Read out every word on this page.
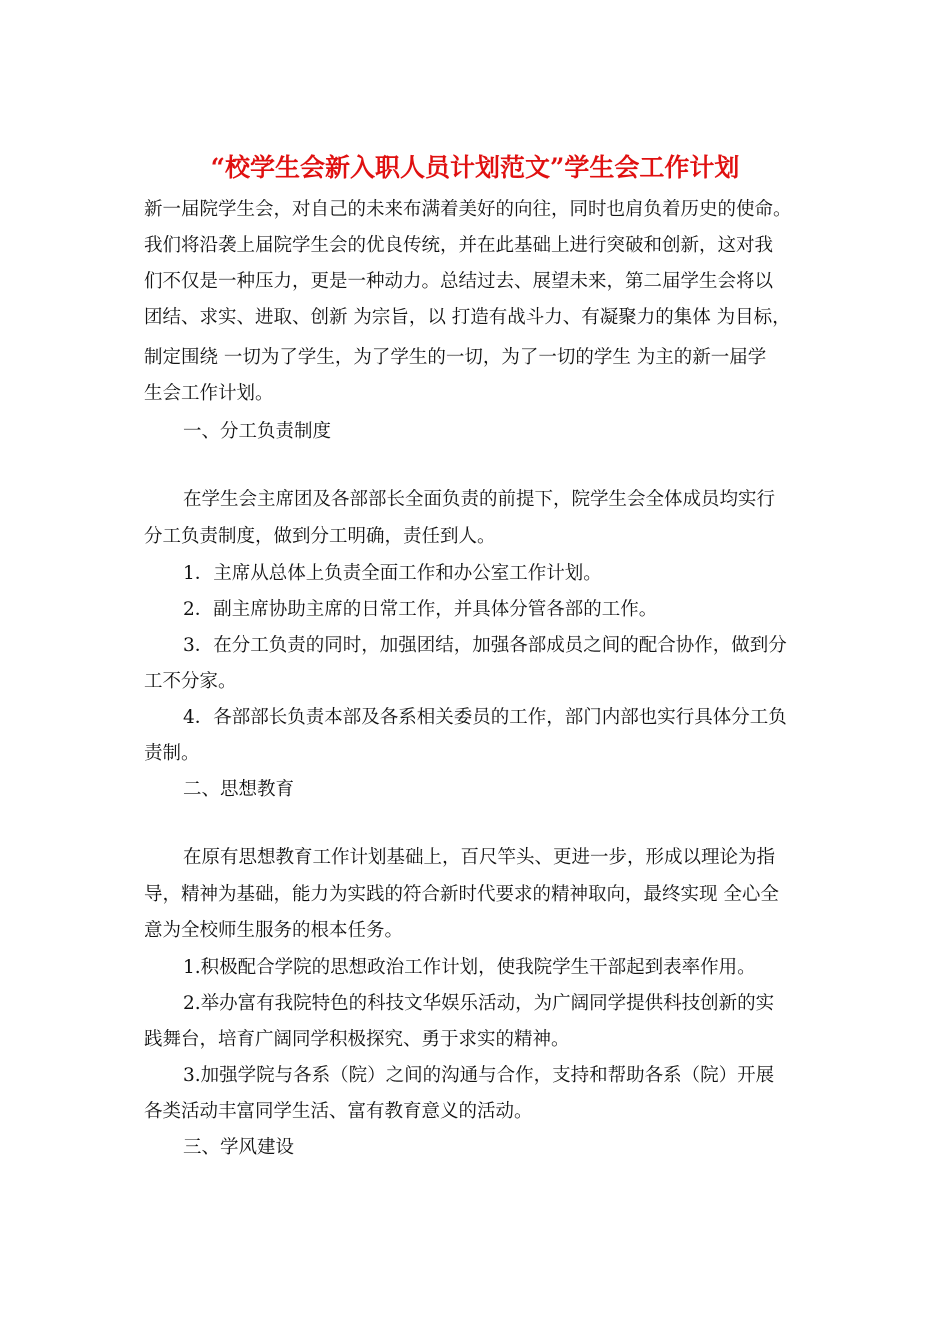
“校学生会新入职人员计划范文”学生会工作计划
新一届院学生会，对自己的未来布满着美好的向往，同时也肩负着历史的使命。
我们将沿袭上届院学生会的优良传统，并在此基础上进行突破和创新，这对我
们不仅是一种压力，更是一种动力。总结过去、展望未来，第二届学生会将以
团结、求实、进取、创新 为宗旨，以 打造有战斗力、有凝聚力的集体 为目标，
制定围绕 一切为了学生，为了学生的一切，为了一切的学生 为主的新一届学
生会工作计划。
一、分工负责制度
在学生会主席团及各部部长全面负责的前提下，院学生会全体成员均实行
分工负责制度，做到分工明确，责任到人。
1．主席从总体上负责全面工作和办公室工作计划。
2．副主席协助主席的日常工作，并具体分管各部的工作。
3．在分工负责的同时，加强团结，加强各部成员之间的配合协作，做到分
工不分家。
4．各部部长负责本部及各系相关委员的工作，部门内部也实行具体分工负
责制。
二、思想教育
在原有思想教育工作计划基础上，百尺竿头、更进一步，形成以理论为指
导，精神为基础，能力为实践的符合新时代要求的精神取向，最终实现 全心全
意为全校师生服务的根本任务。
1.积极配合学院的思想政治工作计划，使我院学生干部起到表率作用。
2.举办富有我院特色的科技文华娱乐活动，为广阔同学提供科技创新的实
践舞台，培育广阔同学积极探究、勇于求实的精神。
3.加强学院与各系（院）之间的沟通与合作，支持和帮助各系（院）开展
各类活动丰富同学生活、富有教育意义的活动。
三、学风建设
